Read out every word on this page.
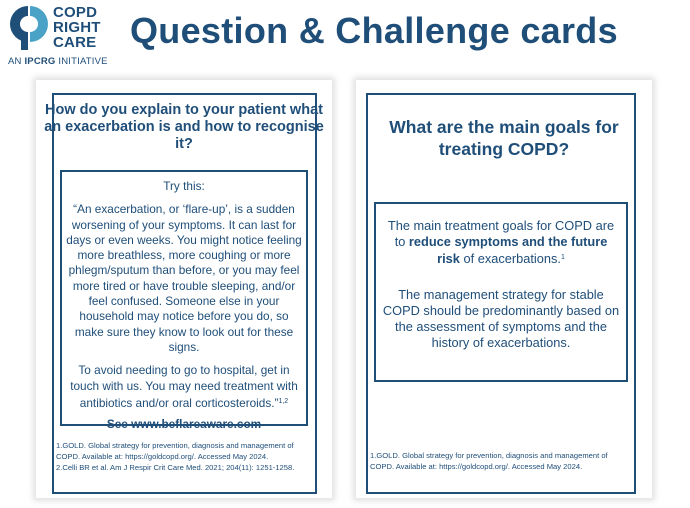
COPD
RIGHT
CARE
AN IPCRG INITIATIVE
Question & Challenge cards
How do you explain to your patient what an exacerbation is and how to recognise it?

Try this:

“An exacerbation, or ‘flare-up’, is a sudden worsening of your symptoms. It can last for days or even weeks. You might notice feeling more breathless, more coughing or more phlegm/sputum than before, or you may feel more tired or have trouble sleeping, and/or feel confused. Someone else in your household may notice before you do, so make sure they know to look out for these signs.

To avoid needing to go to hospital, get in touch with us. You may need treatment with antibiotics and/or oral corticosteroids.”$^{1,2}$

See www.beflareaware.com

1.GOLD. Global strategy for prevention, diagnosis and management of COPD. Available at: https://goldcopd.org/. Accessed May 2024.
2.Celli BR et al. Am J Respir Crit Care Med. 2021; 204(11): 1251-1258.
What are the main goals for treating COPD?

The main treatment goals for COPD are to reduce symptoms and the future risk of exacerbations.$^1$

The management strategy for stable COPD should be predominantly based on the assessment of symptoms and the history of exacerbations.

1.GOLD. Global strategy for prevention, diagnosis and management of COPD. Available at: https://goldcopd.org/. Accessed May 2024.
